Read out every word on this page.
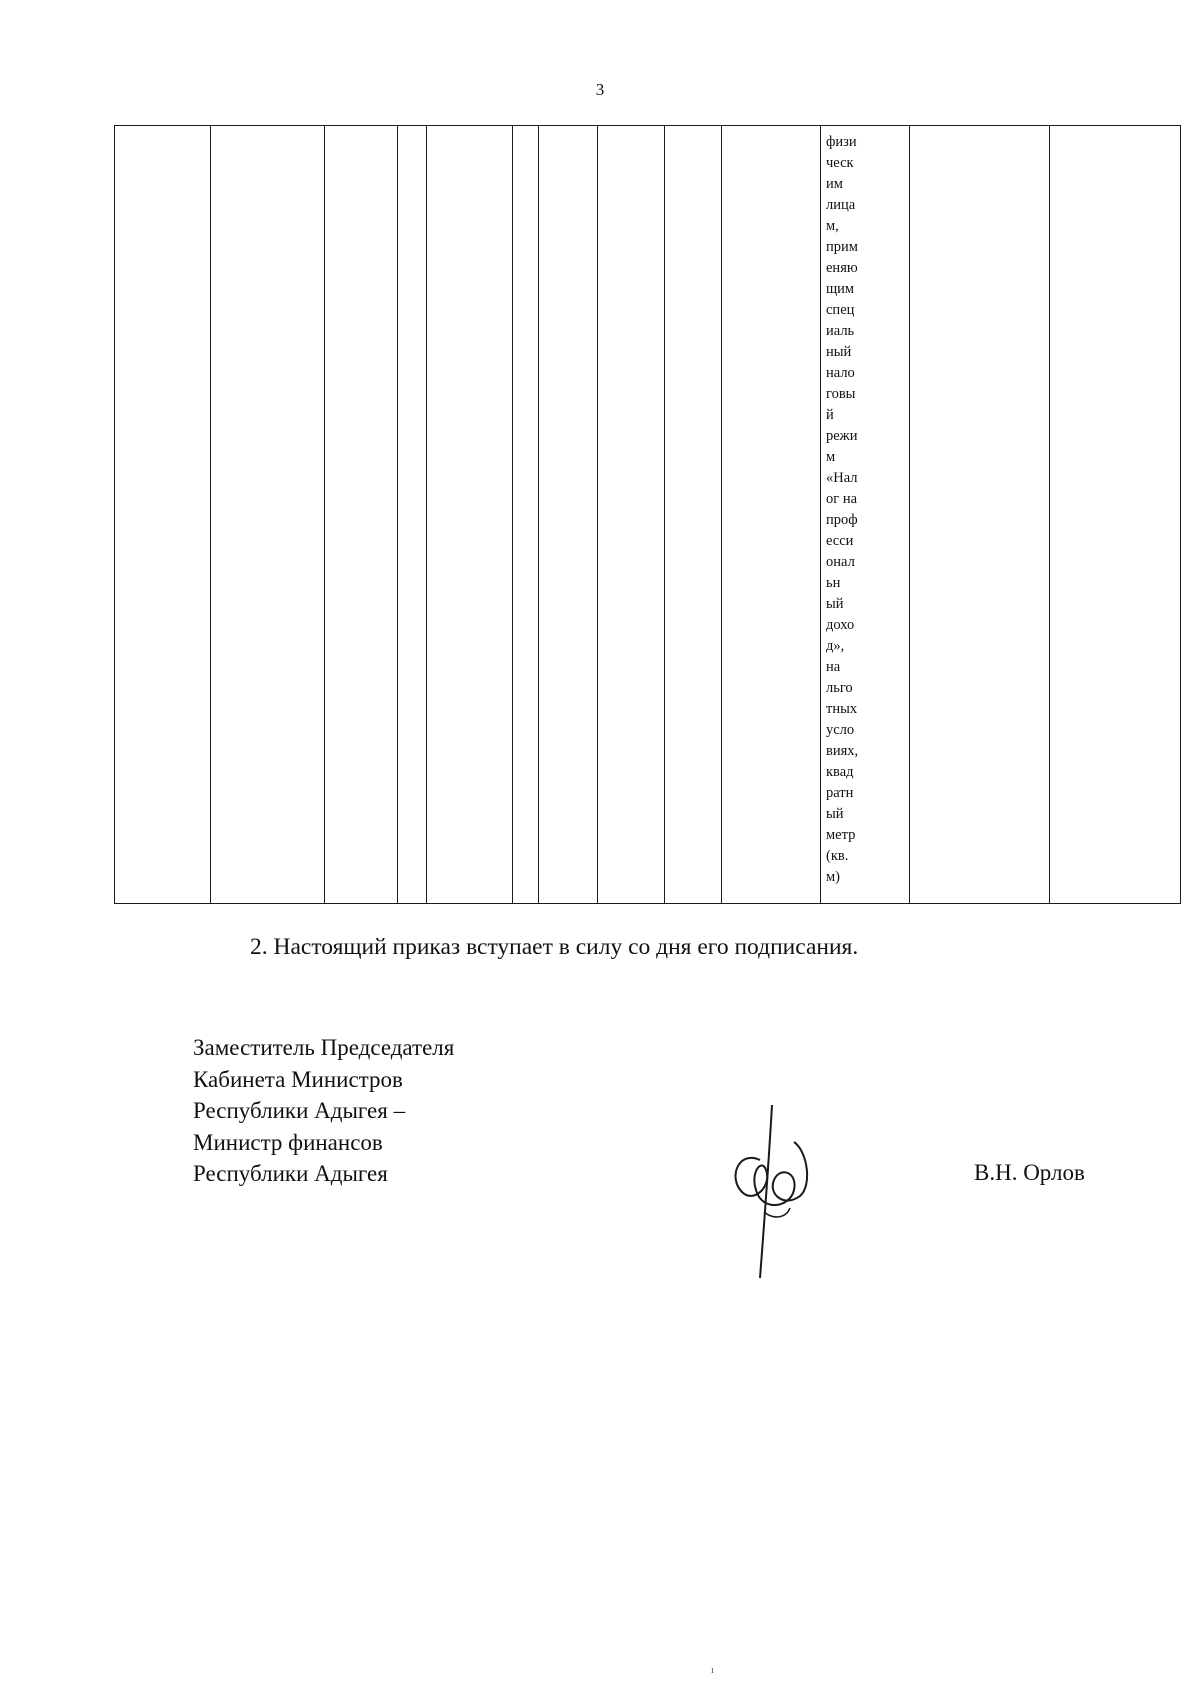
3

физи
ческ
им
лица
м,
прим
еняю
щим
спец
иаль
ный
нало
говы
й
режи
м
«Нал
ог на
проф
есси
онал
ьн
ый
дохо
д»,
на
льго
тных
усло
виях,
квад
ратн
ый
метр
(кв.
м)

2. Настоящий приказ вступает в силу со дня его подписания.
Заместитель Председателя
Кабинета Министров
Республики Адыгея –
Министр финансов
Республики Адыгея	В.Н. Орлов
ı
